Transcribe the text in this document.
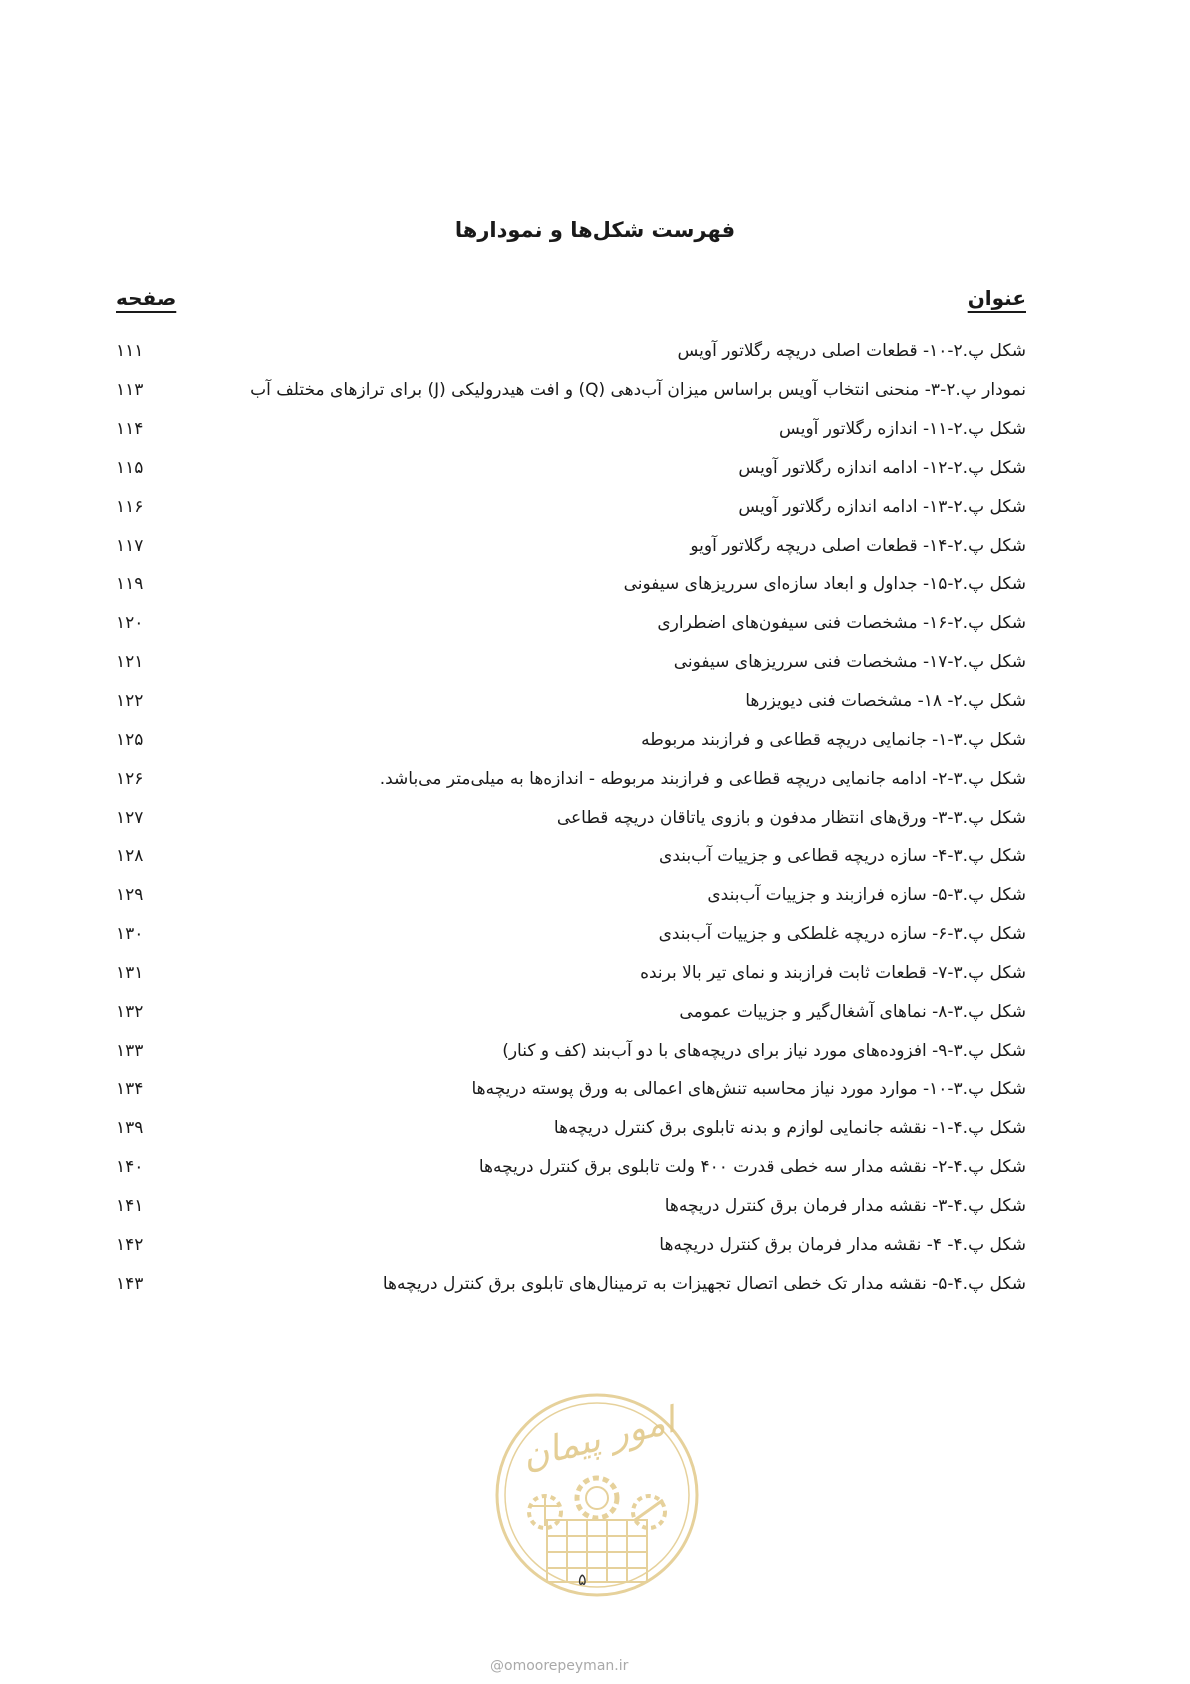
فهرست شکل‌ها و نمودارها
عنوان
صفحه
۱۱۱	شکل پ.۲-۱۰- قطعات اصلی دریچه رگلاتور آویس
۱۱۳	نمودار پ.۲-۳- منحنی انتخاب آویس براساس میزان آب‌دهی (Q) و افت هیدرولیکی (J) برای ترازهای مختلف آب
۱۱۴	شکل پ.۲-۱۱- اندازه رگلاتور آویس
۱۱۵	شکل پ.۲-۱۲- ادامه اندازه رگلاتور آویس
۱۱۶	شکل پ.۲-۱۳- ادامه اندازه رگلاتور آویس
۱۱۷	شکل پ.۲-۱۴- قطعات اصلی دریچه رگلاتور آویو
۱۱۹	شکل پ.۲-۱۵- جداول و ابعاد سازه‌ای سرریزهای سیفونی
۱۲۰	شکل پ.۲-۱۶- مشخصات فنی سیفون‌های اضطراری
۱۲۱	شکل پ.۲-۱۷- مشخصات فنی سرریزهای سیفونی
۱۲۲	شکل پ.۲- ۱۸- مشخصات فنی دیویزرها
۱۲۵	شکل پ.۳-۱- جانمایی دریچه قطاعی و فرازبند مربوطه
۱۲۶	شکل پ.۳-۲- ادامه جانمایی دریچه قطاعی و فرازبند مربوطه - اندازه‌ها به میلی‌متر می‌باشد.
۱۲۷	شکل پ.۳-۳- ورق‌های انتظار مدفون و بازوی یاتاقان دریچه قطاعی
۱۲۸	شکل پ.۳-۴- سازه دریچه قطاعی و جزییات آب‌بندی
۱۲۹	شکل پ.۳-۵- سازه فرازبند و جزییات آب‌بندی
۱۳۰	شکل پ.۳-۶- سازه دریچه غلطکی و جزییات آب‌بندی
۱۳۱	شکل پ.۳-۷- قطعات ثابت فرازبند و نمای تیر بالا برنده
۱۳۲	شکل پ.۳-۸- نماهای آشغال‌گیر و جزییات عمومی
۱۳۳	شکل پ.۳-۹- افزوده‌های مورد نیاز برای دریچه‌های با دو آب‌بند (کف و کنار)
۱۳۴	شکل پ.۳-۱۰- موارد مورد نیاز محاسبه تنش‌های اعمالی به ورق پوسته دریچه‌ها
۱۳۹	شکل پ.۴-۱- نقشه جانمایی لوازم و بدنه تابلوی برق کنترل دریچه‌ها
۱۴۰	شکل پ.۴-۲- نقشه مدار سه خطی قدرت ۴۰۰ ولت تابلوی برق کنترل دریچه‌ها
۱۴۱	شکل پ.۴-۳- نقشه مدار فرمان برق کنترل دریچه‌ها
۱۴۲	شکل پ.۴- ۴- نقشه مدار فرمان برق کنترل دریچه‌ها
۱۴۳	شکل پ.۴-۵- نقشه مدار تک خطی اتصال تجهیزات به ترمینال‌های تابلوی برق کنترل دریچه‌ها
امور پیمان
۵
@omoorepeyman.ir
